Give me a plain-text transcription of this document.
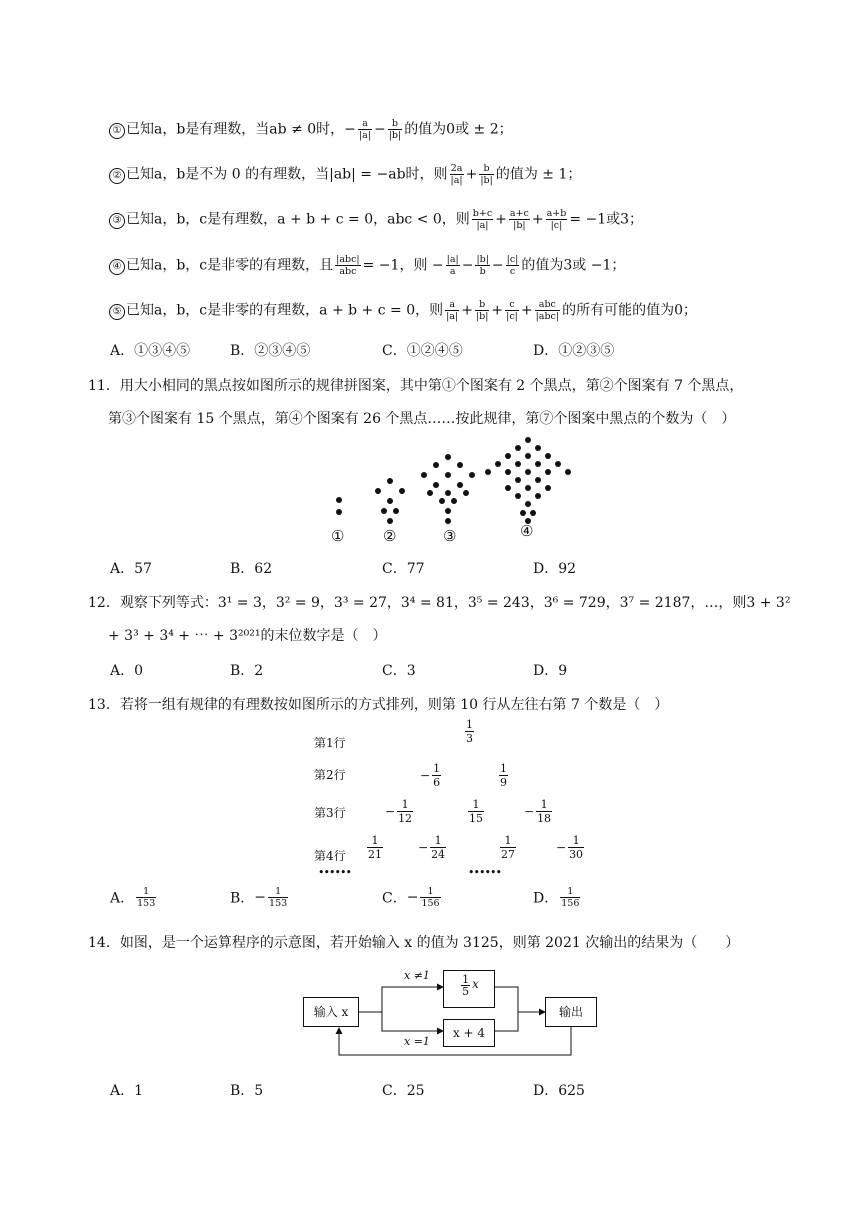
① 已知a，b是有理数，当ab ≠ 0时，− $\frac{a}{|a|} - \frac{b}{|b|}$ 的值为0或 ± 2；
② 已知a，b是不为 0 的有理数，当|ab| = −ab时，则 $\frac{2a}{|a|} + \frac{b}{|b|}$ 的值为 ± 1；
③ 已知a，b，c是有理数，a + b + c = 0，abc < 0，则 $\frac{b+c}{|a|} + \frac{a+c}{|b|} + \frac{a+b}{|c|} = -1$或3；
④ 已知a，b，c是非零的有理数，且 $\frac{\text{|abc|}}{\text{abc}} = -1$，则 − $\frac{|a|}{a} - \frac{|b|}{b} - \frac{|c|}{c}$ 的值为3或 −1；
⑤ 已知a，b，c是非零的有理数，a + b + c = 0，则 $\frac{a}{|a|} + \frac{b}{|b|} + \frac{c}{|c|} + \frac{\text{abc}}{\text{|abc|}}$ 的所有可能的值为0；
A．①③④⑤	B．②③④⑤	C．①②④⑤	D．①②③⑤
11．用大小相同的黑点按如图所示的规律拼图案，其中第①个图案有 2 个黑点，第②个图案有 7 个黑点，
第③个图案有 15 个黑点，第④个图案有 26 个黑点……按此规律，第⑦个图案中黑点的个数为（　）
①	②	③	④
A．57	B．62	C．77	D．92
12．观察下列等式：3¹ = 3，3² = 9，3³ = 27，3⁴ = 81，3⁵ = 243，3⁶ = 729，3⁷ = 2187，…，则3 + 3²
+ 3³ + 3⁴ + ⋯ + 3²⁰²¹的末位数字是（　）
A．0	B．2	C．3	D．9
13．若将一组有规律的有理数按如图所示的方式排列，则第 10 行从左往右第 7 个数是（　）
第1行
第2行
第3行
第4行
$\frac{1}{3}$
− $\frac{1}{6}$	$\frac{1}{9}$
− $\frac{1}{12}$	$\frac{1}{15}$	− $\frac{1}{18}$
$\frac{1}{21}$	− $\frac{1}{24}$	$\frac{1}{27}$	− $\frac{1}{30}$
••••••	••••••
A． $\frac{1}{153}$	B．− $\frac{1}{153}$	C．− $\frac{1}{156}$	D． $\frac{1}{156}$
14．如图，是一个运算程序的示意图，若开始输入 x 的值为 3125，则第 2021 次输出的结果为（　　）
输入 x
x ≠1
x =1
$\frac{1}{5}$ x
x + 4
输出
A．1	B．5	C．25	D．625
